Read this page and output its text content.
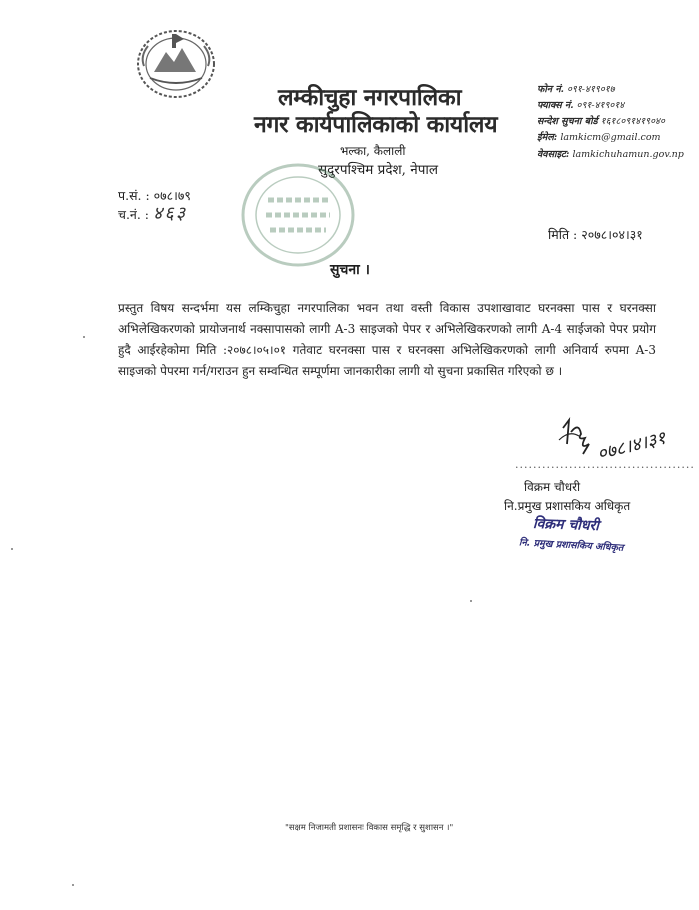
लम्कीचुहा नगरपालिका
नगर कार्यपालिकाको कार्यालय
भल्का, कैलाली
सुदुरपश्चिम प्रदेश, नेपाल
फोन नं. ०९१-४१९०१७
फ्याक्स नं. ०९१-४१९०१४
सन्देश सुचना बोर्ड १६१८०९१४१९०४०
ईमेल: lamkicm@gmail.com
वेवसाइट: lamkichuhamun.gov.np
प.सं. : ०७८।७९
च.नं. : ४६३
मिति : २०७८।०४।३१
सुचना ।
प्रस्तुत विषय सन्दर्भमा यस लम्किचुहा नगरपालिका भवन तथा वस्ती विकास उपशाखावाट घरनक्सा पास र घरनक्सा अभिलेखिकरणको प्रायोजनार्थ नक्सापासको लागी A-3 साइजको पेपर र अभिलेखिकरणको लागी A-4 साईजको पेपर प्रयोग हुदै आईरहेकोमा मिति :२०७८।०५।०१ गतेवाट घरनक्सा पास र घरनक्सा अभिलेखिकरणको लागी अनिवार्य रुपमा A-3 साइजको पेपरमा गर्न/गराउन हुन सम्वन्धित सम्पूर्णमा जानकारीका लागी यो सुचना प्रकासित गरिएको छ ।
०७८।४।३१
........................................
विक्रम चौधरी
नि.प्रमुख प्रशासकिय अधिकृत
विक्रम चौधरी
नि. प्रमुख प्रशासकिय अधिकृत
"सक्षम निजामती प्रशासनः विकास समृद्धि र सुशासन ।"
